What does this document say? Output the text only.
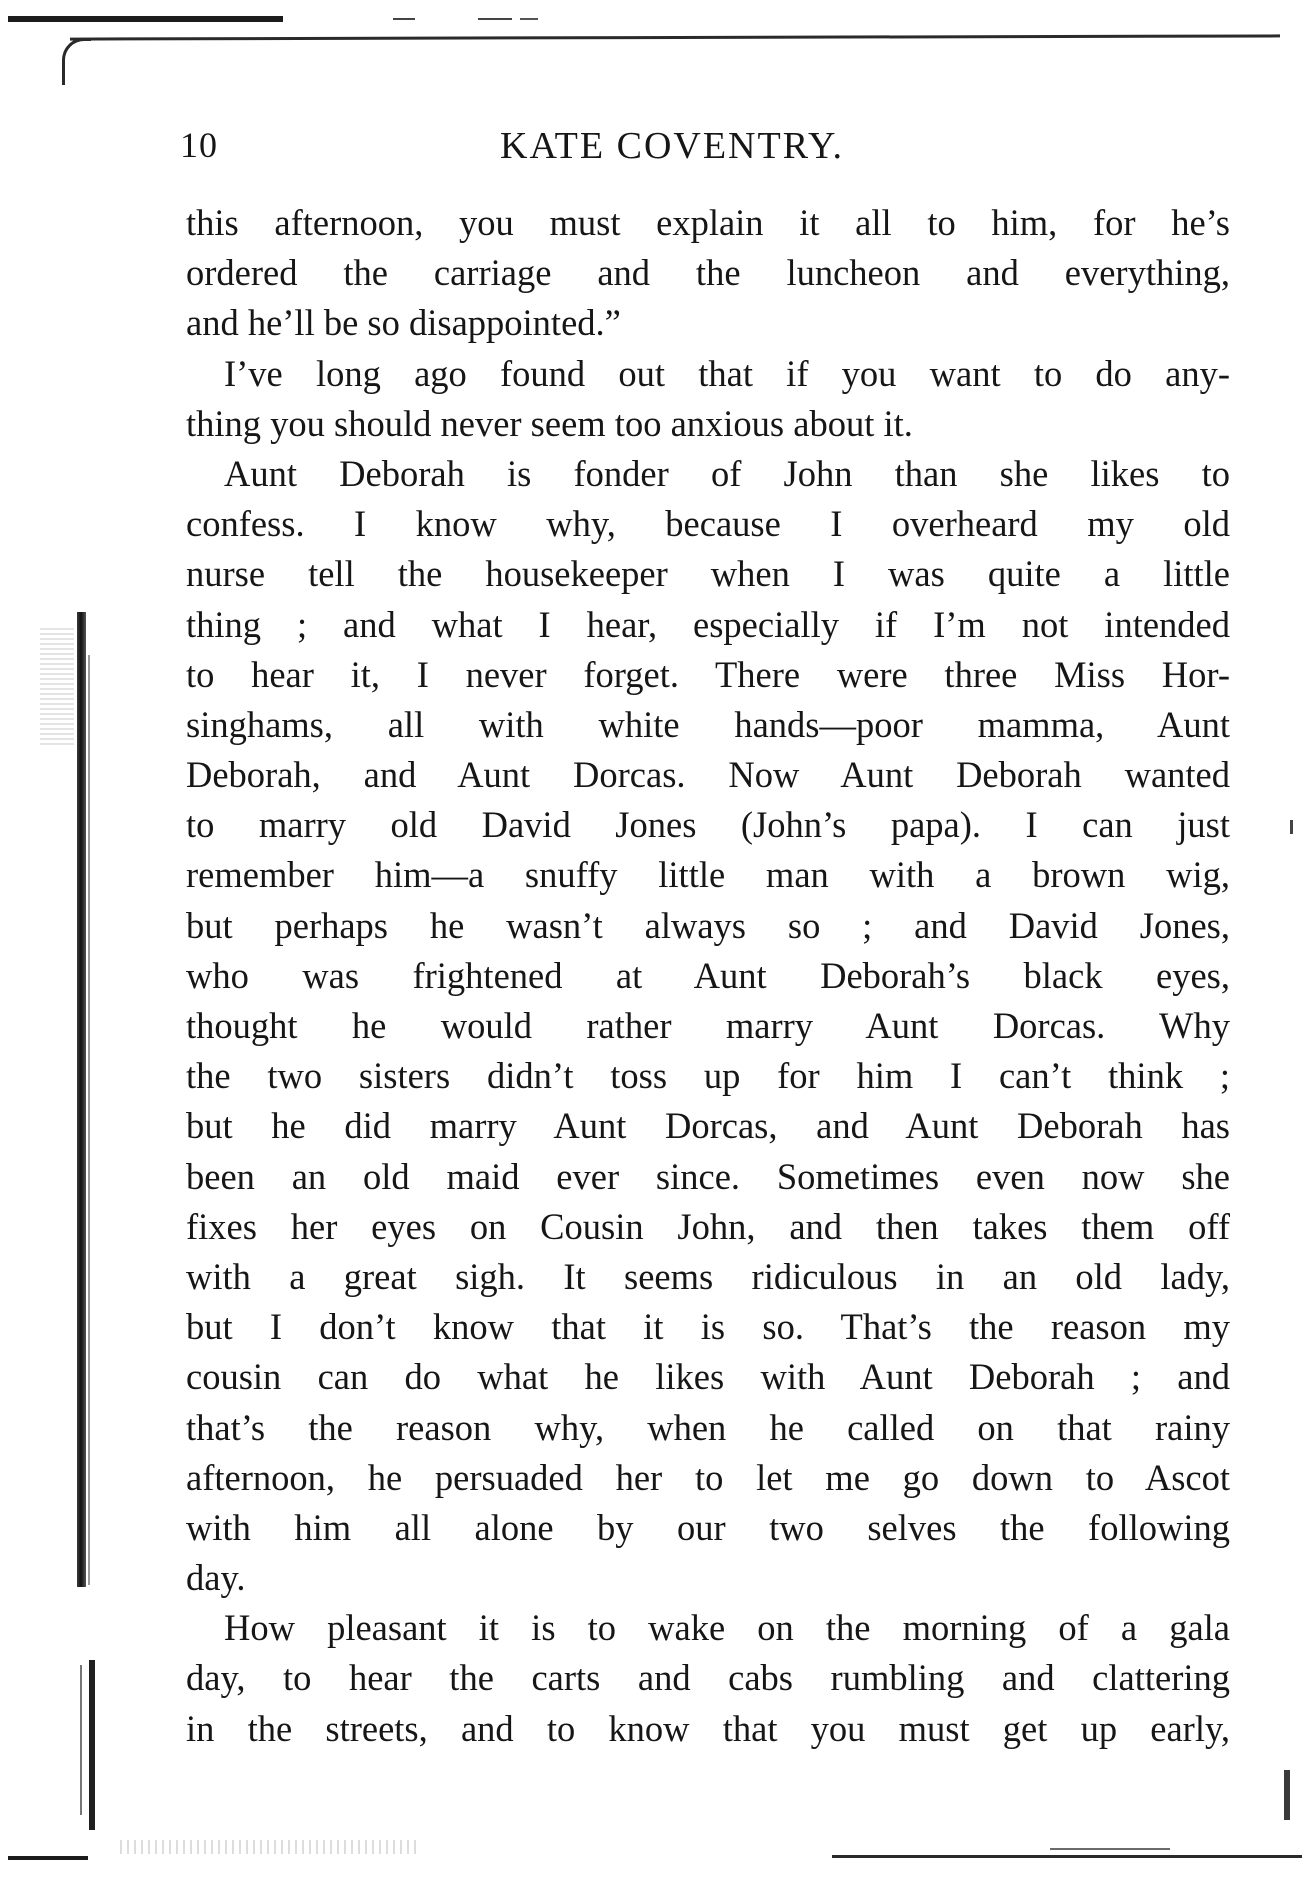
10	KATE COVENTRY.
this afternoon, you must explain it all to him, for he’s
ordered the carriage and the luncheon and everything,
and he’ll be so disappointed.”
I’ve long ago found out that if you want to do any-
thing you should never seem too anxious about it.
Aunt Deborah is fonder of John than she likes to
confess. I know why, because I overheard my old
nurse tell the housekeeper when I was quite a little
thing ; and what I hear, especially if I’m not intended
to hear it, I never forget. There were three Miss Hor-
singhams, all with white hands—poor mamma, Aunt
Deborah, and Aunt Dorcas. Now Aunt Deborah wanted
to marry old David Jones (John’s papa). I can just
remember him—a snuffy little man with a brown wig,
but perhaps he wasn’t always so ; and David Jones,
who was frightened at Aunt Deborah’s black eyes,
thought he would rather marry Aunt Dorcas. Why
the two sisters didn’t toss up for him I can’t think ;
but he did marry Aunt Dorcas, and Aunt Deborah has
been an old maid ever since. Sometimes even now she
fixes her eyes on Cousin John, and then takes them off
with a great sigh. It seems ridiculous in an old lady,
but I don’t know that it is so. That’s the reason my
cousin can do what he likes with Aunt Deborah ; and
that’s the reason why, when he called on that rainy
afternoon, he persuaded her to let me go down to Ascot
with him all alone by our two selves the following
day.
How pleasant it is to wake on the morning of a gala
day, to hear the carts and cabs rumbling and clattering
in the streets, and to know that you must get up early,
